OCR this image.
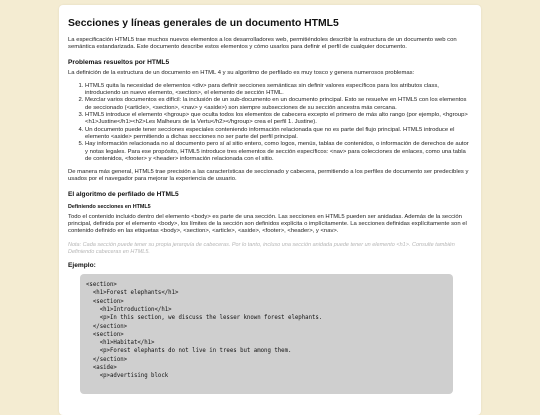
Secciones y líneas generales de un documento HTML5

La especificación HTML5 trae muchos nuevos elementos a los desarrolladores web, permitiéndoles describir la estructura de un documento web con semántica estandarizada. Este documento describe estos elementos y cómo usarlos para definir el perfil de cualquier documento.

Problemas resueltos por HTML5

La definición de la estructura de un documento en HTML 4 y su algoritmo de perfilado es muy tosco y genera numerosos problemas:

1. HTML5 quita la necesidad de elementos <div> para definir secciones semánticas sin definir valores específicos para los atributos class, introduciendo un nuevo elemento, <section>, el elemento de sección HTML.
2. Mezclar varios documentos es difícil: la inclusión de un sub-documento en un documento principal. Esto se resuelve en HTML5 con los elementos de seccionado (<article>, <section>, <nav> y <aside>) son siempre subsecciones de su sección ancestra más cercana.
3. HTML5 introduce el elemento <hgroup> que oculta todos los elementos de cabecera excepto el primero de más alto rango (por ejemplo, <hgroup><h1>Justine</h1><h2>Les Malheurs de la Vertu</h2></hgroup> crea el perfil 1. Justine).
4. Un documento puede tener secciones especiales conteniendo información relacionada que no es parte del flujo principal. HTML5 introduce el elemento <aside> permitiendo a dichas secciones no ser parte del perfil principal.
5. Hay información relacionada no al documento pero sí al sitio entero, como logos, menús, tablas de contenidos, o información de derechos de autor y notas legales. Para ese propósito, HTML5 introduce tres elementos de sección específicos: <nav> para colecciones de enlaces, como una tabla de contenidos, <footer> y <header> información relacionada con el sitio.

De manera más general, HTML5 trae precisión a las características de seccionado y cabecera, permitiendo a los perfiles de documento ser predecibles y usados por el navegador para mejorar la experiencia de usuario.

El algoritmo de perfilado de HTML5
Definiendo secciones en HTML5

Todo el contenido incluido dentro del elemento <body> es parte de una sección. Las secciones en HTML5 pueden ser anidadas. Además de la sección principal, definida por el elemento <body>, los límites de la sección son definidos explícita o implícitamente. La secciones definidas explícitamente son el contenido definido en las etiquetas <body>, <section>, <article>, <aside>, <footer>, <header>, y <nav>.

Nota: Cada sección puede tener su propia jerarquía de cabeceras. Por lo tanto, incluso una sección anidada puede tener un elemento <h1>. Consulte también Definiendo cabeceras en HTML5.

Ejemplo:
<section>
<h1>Forest elephants</h1>
<section>
<h1>Introduction</h1>
<p>In this section, we discuss the lesser known forest elephants.
</section>
<section>
<h1>Habitat</h1>
<p>Forest elephants do not live in trees but among them.
</section>
<aside>
<p>advertising block
